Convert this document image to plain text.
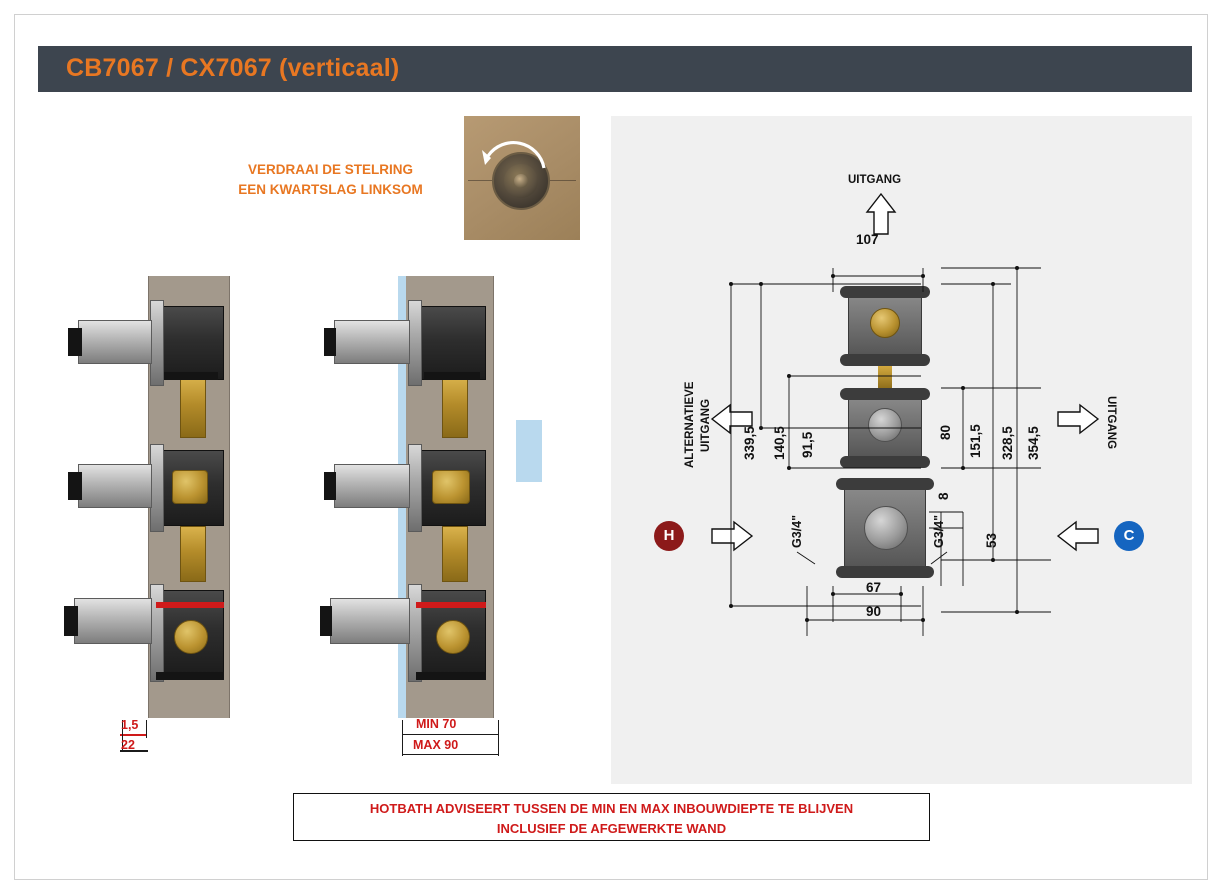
CB7067 / CX7067 (verticaal)
VERDRAAI DE STELRING
EEN KWARTSLAG LINKSOM
1,5
22
MIN 70
MAX 90
UITGANG
ALTERNATIEVE UITGANG	UITGANG
H	C
107
339,5 140,5 91,5	80 151,5 328,5 354,5
8
53
67
90
G3/4"	G3/4"
HOTBATH ADVISEERT TUSSEN DE MIN EN MAX INBOUWDIEPTE TE BLIJVEN
INCLUSIEF DE AFGEWERKTE WAND
